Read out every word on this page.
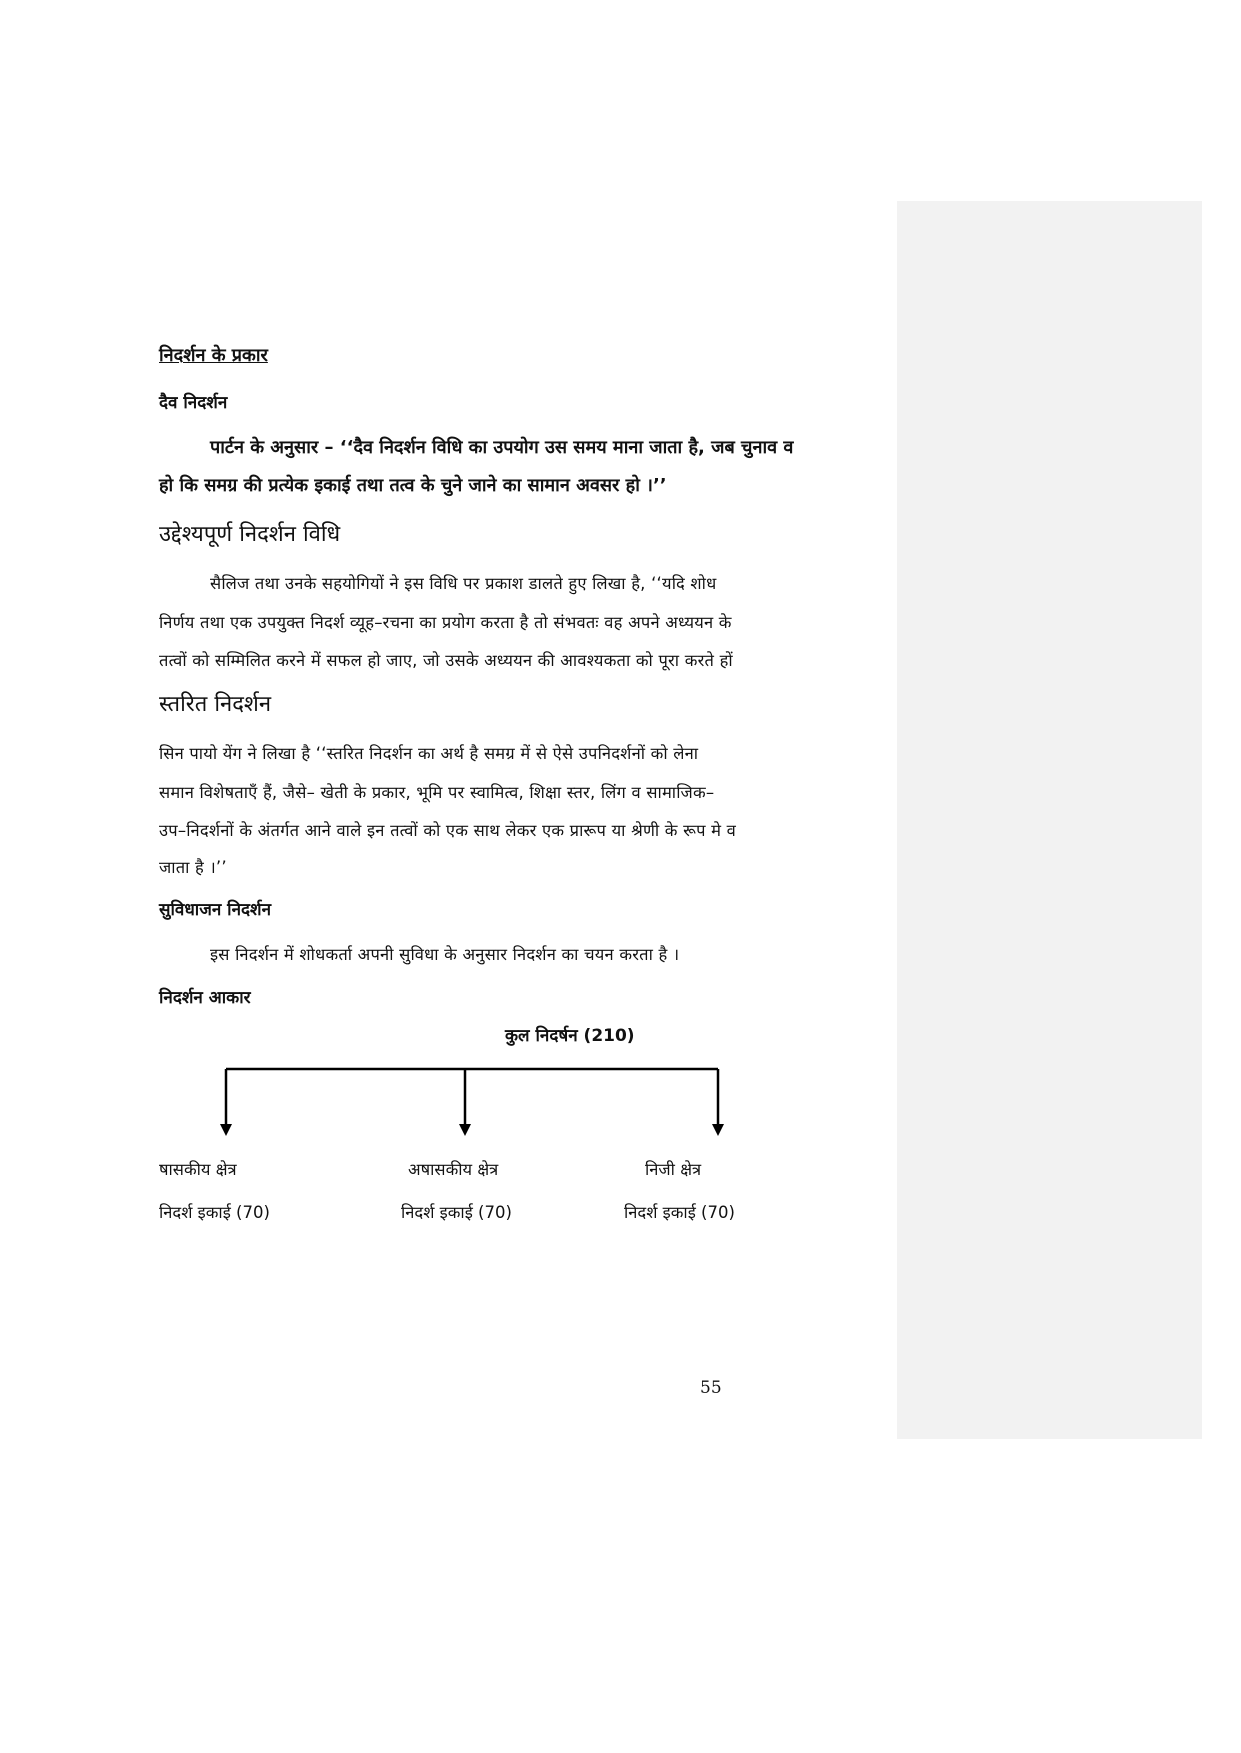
निदर्शन के प्रकार
दैव निदर्शन
पार्टन के अनुसार – ‘‘दैव निदर्शन विधि का उपयोग उस समय माना जाता है, जब चुनाव व
हो कि समग्र की प्रत्येक इकाई तथा तत्व के चुने जाने का सामान अवसर हो ।’’
उद्देश्यपूर्ण निदर्शन विधि
सैलिज तथा उनके सहयोगियों ने इस विधि पर प्रकाश डालते हुए लिखा है, ‘‘यदि शोध
निर्णय तथा एक उपयुक्त निदर्श व्यूह–रचना का प्रयोग करता है तो संभवतः वह अपने अध्ययन के
तत्वों को सम्मिलित करने में सफल हो जाए, जो उसके अध्ययन की आवश्यकता को पूरा करते हों
स्तरित निदर्शन
सिन पायो येंग ने लिखा है ‘‘स्तरित निदर्शन का अर्थ है समग्र में से ऐसे उपनिदर्शनों को लेना
समान विशेषताएँ हैं, जैसे– खेती के प्रकार, भूमि पर स्वामित्व, शिक्षा स्तर, लिंग व सामाजिक–
उप–निदर्शनों के अंतर्गत आने वाले इन तत्वों को एक साथ लेकर एक प्रारूप या श्रेणी के रूप मे व
जाता है ।’’
सुविधाजन निदर्शन
इस निदर्शन में शोधकर्ता अपनी सुविधा के अनुसार निदर्शन का चयन करता है ।
निदर्शन आकार
कुल निदर्षन (210)
षासकीय क्षेत्र	अषासकीय क्षेत्र	निजी क्षेत्र
निदर्श इकाई (70)	निदर्श इकाई (70)	निदर्श इकाई (70)
55
